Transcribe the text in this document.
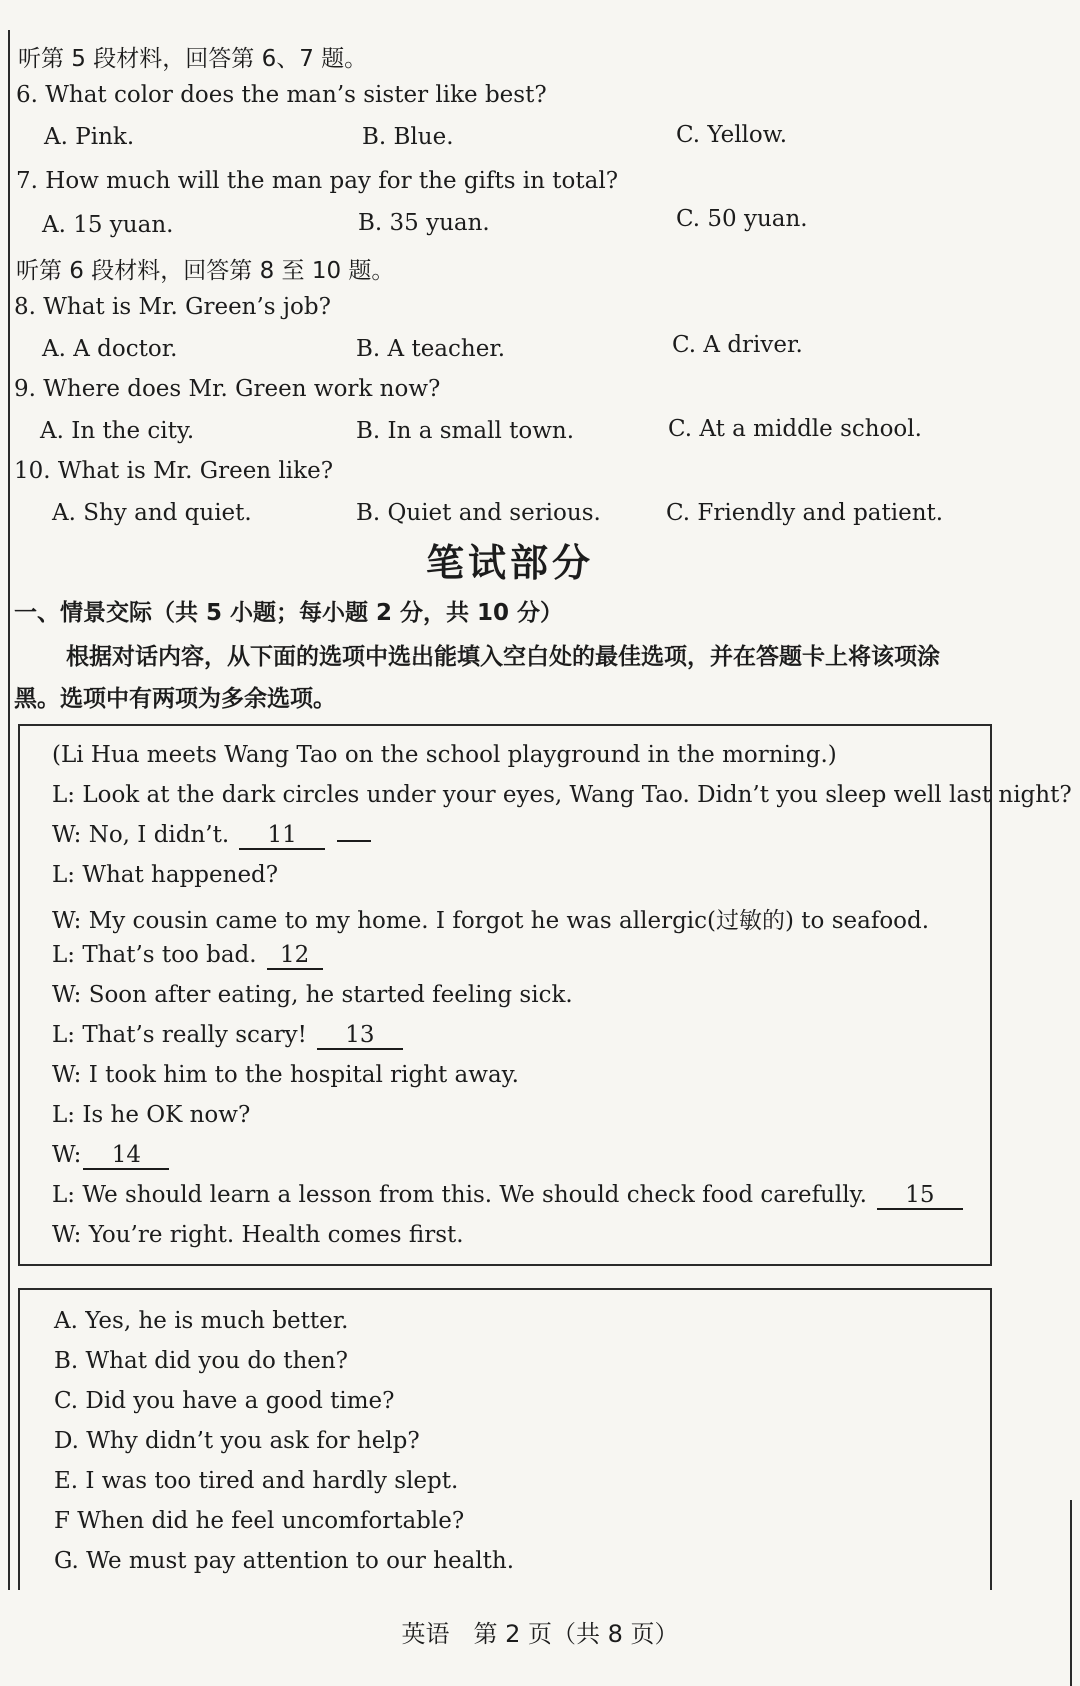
听第 5 段材料，回答第 6、7 题。
6. What color does the man’s sister like best?
A. Pink.	B. Blue.	C. Yellow.
7. How much will the man pay for the gifts in total?
A. 15 yuan.	B. 35 yuan.	C. 50 yuan.
听第 6 段材料，回答第 8 至 10 题。
8. What is Mr. Green’s job?
A. A doctor.	B. A teacher.	C. A driver.
9. Where does Mr. Green work now?
A. In the city.	B. In a small town.	C. At a middle school.
10. What is Mr. Green like?
A. Shy and quiet.	B. Quiet and serious.	C. Friendly and patient.
笔试部分
一、情景交际（共 5 小题；每小题 2 分，共 10 分）
根据对话内容，从下面的选项中选出能填入空白处的最佳选项，并在答题卡上将该项涂
黑。选项中有两项为多余选项。
(Li Hua meets Wang Tao on the school playground in the morning.)
L: Look at the dark circles under your eyes, Wang Tao. Didn’t you sleep well last night?
W: No, I didn’t. 11
L: What happened?
W: My cousin came to my home. I forgot he was allergic(过敏的) to seafood.
L: That’s too bad. 12
W: Soon after eating, he started feeling sick.
L: That’s really scary! 13
W: I took him to the hospital right away.
L: Is he OK now?
W: 14
L: We should learn a lesson from this. We should check food carefully. 15
W: You’re right. Health comes first.
A. Yes, he is much better.
B. What did you do then?
C. Did you have a good time?
D. Why didn’t you ask for help?
E. I was too tired and hardly slept.
F When did he feel uncomfortable?
G. We must pay attention to our health.
英语　第 2 页（共 8 页）
